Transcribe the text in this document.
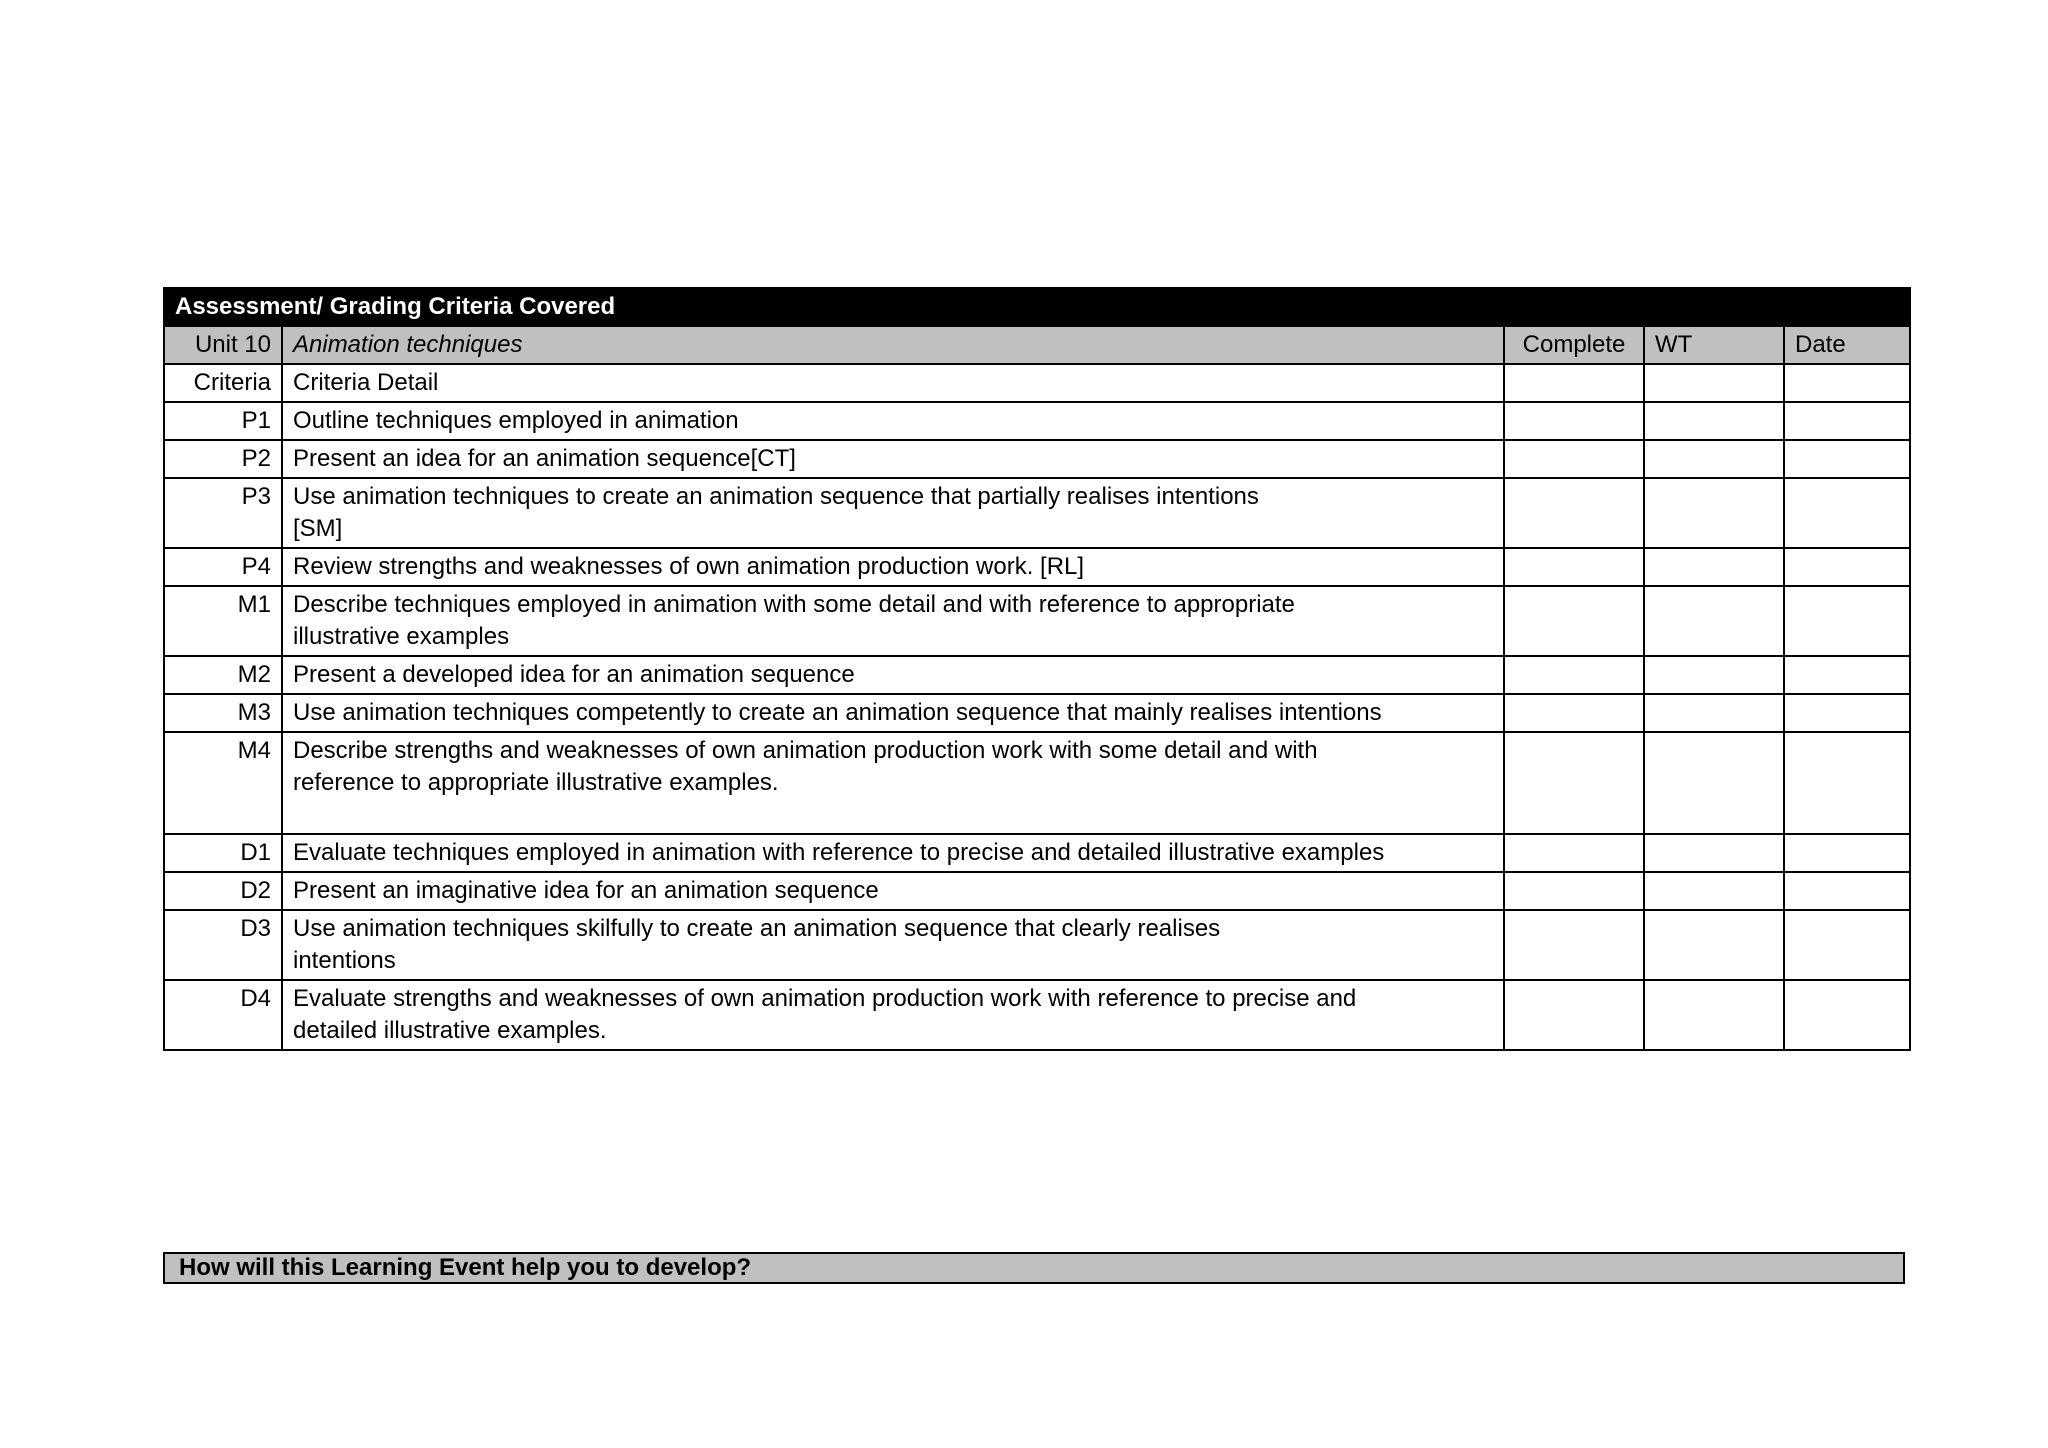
Assessment/ Grading Criteria Covered				
Unit 10	Animation techniques	Complete	WT	Date
Criteria	Criteria Detail			
P1	Outline techniques employed in animation			
P2	Present an idea for an animation sequence[CT]			
P3	Use animation techniques to create an animation sequence that partially realises intentions
[SM]			

P4	Review strengths and weaknesses of own animation production work. [RL]			
M1	Describe techniques employed in animation with some detail and with reference to appropriate
illustrative examples			

M2	Present a developed idea for an animation sequence			
M3	Use animation techniques competently to create an animation sequence that mainly realises intentions			
M4	Describe strengths and weaknesses of own animation production work with some detail and with
reference to appropriate illustrative examples.			

D1	Evaluate techniques employed in animation with reference to precise and detailed illustrative examples			
D2	Present an imaginative idea for an animation sequence			
D3	Use animation techniques skilfully to create an animation sequence that clearly realises
intentions			

D4	Evaluate strengths and weaknesses of own animation production work with reference to precise and
detailed illustrative examples.			

How will this Learning Event help you to develop?
